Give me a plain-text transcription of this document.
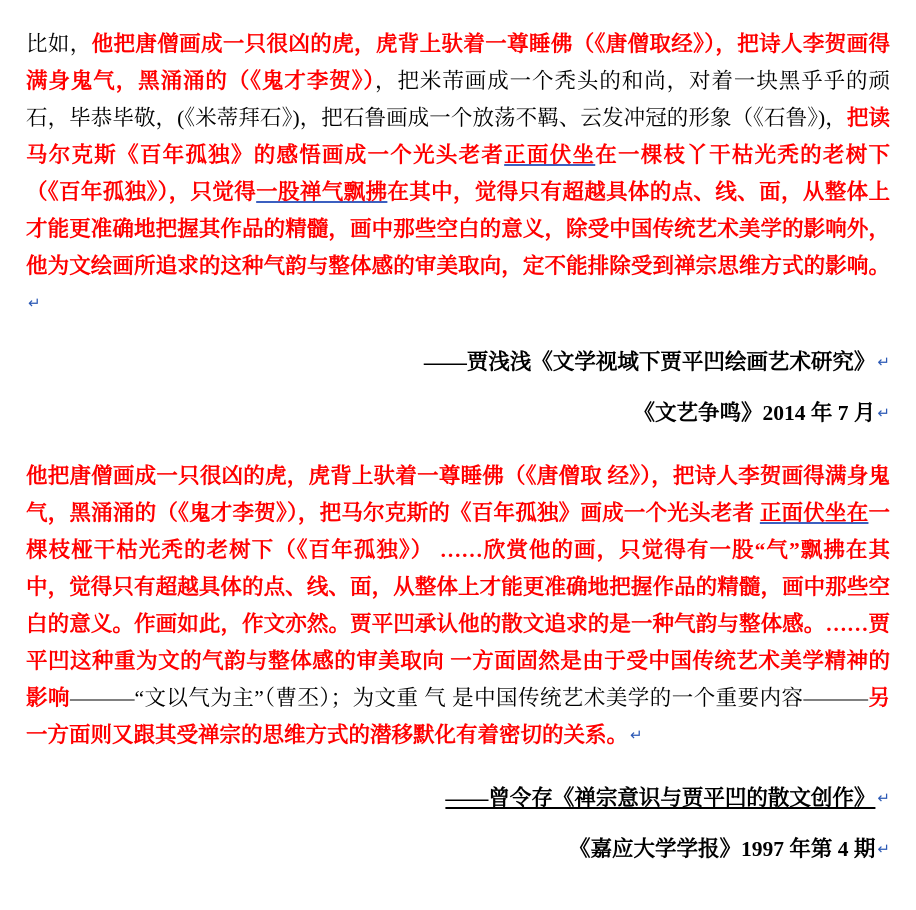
比如，他把唐僧画成一只很凶的虎，虎背上驮着一尊睡佛（《唐僧取经》），把诗人李贺画得满身鬼气，黑涌涌的（《鬼才李贺》），把米芾画成一个秃头的和尚，对着一块黑乎乎的顽石，毕恭毕敬，(《米蒂拜石》)，把石鲁画成一个放荡不羁、云发冲冠的形象（《石鲁》)，把读马尔克斯《百年孤独》的感悟画成一个光头老者正面伏坐在一棵枝丫干枯光秃的老树下（《百年孤独》），只觉得一股禅气飘拂在其中，觉得只有超越具体的点、线、面，从整体上才能更准确地把握其作品的精髓，画中那些空白的意义，除受中国传统艺术美学的影响外，他为文绘画所追求的这种气韵与整体感的审美取向，定不能排除受到禅宗思维方式的影响。↵

——贾浅浅《文学视域下贾平凹绘画艺术研究》 ↵

《文艺争鸣》2014 年 7 月 ↵

他把唐僧画成一只很凶的虎，虎背上驮着一尊睡佛（《唐僧取 经》），把诗人李贺画得满身鬼气，黑涌涌的（《鬼才李贺》），把马尔克斯的《百年孤独》画成一个光头老者 正面伏坐在一棵枝桠干枯光秃的老树下（《百年孤独》） ……欣赏他的画，只觉得有一股“气”飘拂在其中，觉得只有超越具体的点、线、面，从整体上才能更准确地把握作品的精髓，画中那些空白的意义。作画如此，作文亦然。贾平凹承认他的散文追求的是一种气韵与整体感。……贾平凹这种重为文的气韵与整体感的审美取向 一方面固然是由于受中国传统艺术美学精神的影响———“文以气为主”（曹丕）；为文重 气 是中国传统艺术美学的一个重要内容———另一方面则又跟其受禅宗的思维方式的潜移默化有着密切的关系。 ↵

——曾令存《禅宗意识与贾平凹的散文创作》 ↵

《嘉应大学学报》1997 年第 4 期 ↵
